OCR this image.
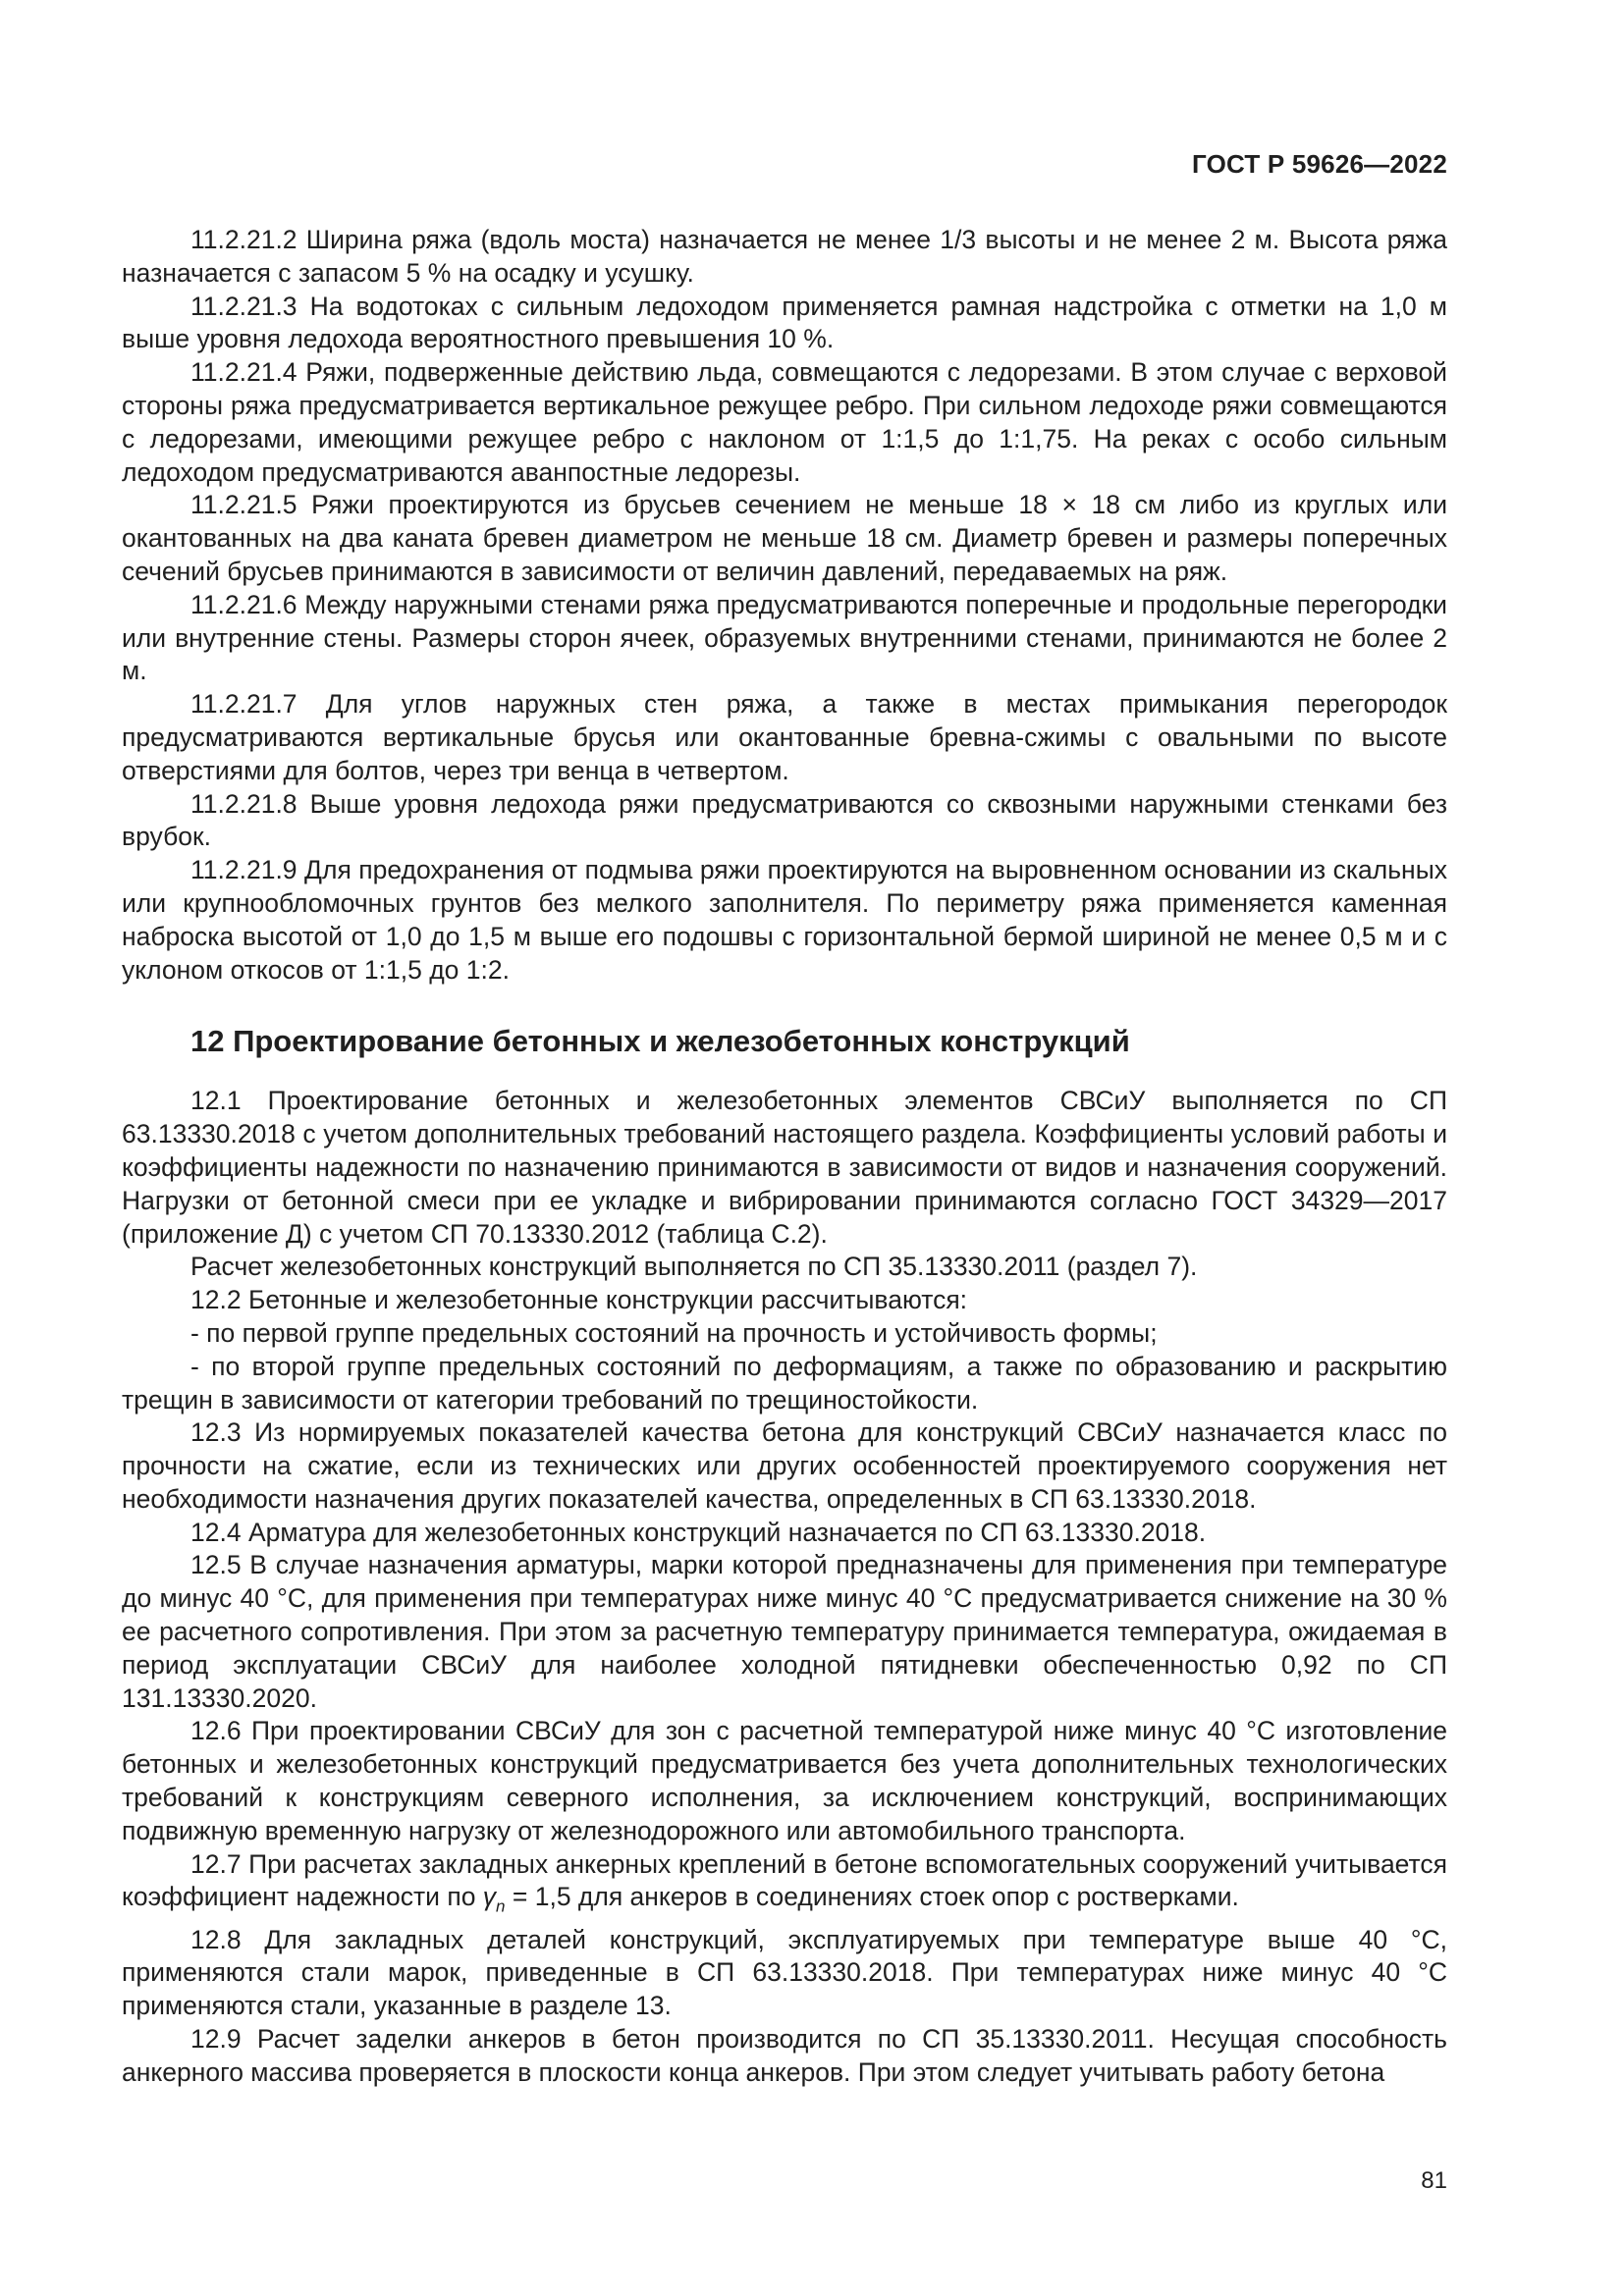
ГОСТ Р 59626—2022

11.2.21.2 Ширина ряжа (вдоль моста) назначается не менее 1/3 высоты и не менее 2 м. Высота ряжа назначается с запасом 5 % на осадку и усушку.

11.2.21.3 На водотоках с сильным ледоходом применяется рамная надстройка с отметки на 1,0 м выше уровня ледохода вероятностного превышения 10 %.

11.2.21.4 Ряжи, подверженные действию льда, совмещаются с ледорезами. В этом случае с верховой стороны ряжа предусматривается вертикальное режущее ребро. При сильном ледоходе ряжи совмещаются с ледорезами, имеющими режущее ребро с наклоном от 1:1,5 до 1:1,75. На реках с особо сильным ледоходом предусматриваются аванпостные ледорезы.

11.2.21.5 Ряжи проектируются из брусьев сечением не меньше 18 × 18 см либо из круглых или окантованных на два каната бревен диаметром не меньше 18 см. Диаметр бревен и размеры поперечных сечений брусьев принимаются в зависимости от величин давлений, передаваемых на ряж.

11.2.21.6 Между наружными стенами ряжа предусматриваются поперечные и продольные перегородки или внутренние стены. Размеры сторон ячеек, образуемых внутренними стенами, принимаются не более 2 м.

11.2.21.7 Для углов наружных стен ряжа, а также в местах примыкания перегородок предусматриваются вертикальные брусья или окантованные бревна-сжимы с овальными по высоте отверстиями для болтов, через три венца в четвертом.

11.2.21.8 Выше уровня ледохода ряжи предусматриваются со сквозными наружными стенками без врубок.

11.2.21.9 Для предохранения от подмыва ряжи проектируются на выровненном основании из скальных или крупнообломочных грунтов без мелкого заполнителя. По периметру ряжа применяется каменная наброска высотой от 1,0 до 1,5 м выше его подошвы с горизонтальной бермой шириной не менее 0,5 м и с уклоном откосов от 1:1,5 до 1:2.

12 Проектирование бетонных и железобетонных конструкций

12.1 Проектирование бетонных и железобетонных элементов СВСиУ выполняется по СП 63.13330.2018 с учетом дополнительных требований настоящего раздела. Коэффициенты условий работы и коэффициенты надежности по назначению принимаются в зависимости от видов и назначения сооружений. Нагрузки от бетонной смеси при ее укладке и вибрировании принимаются согласно ГОСТ 34329—2017 (приложение Д) с учетом СП 70.13330.2012 (таблица С.2).

Расчет железобетонных конструкций выполняется по СП 35.13330.2011 (раздел 7).

12.2 Бетонные и железобетонные конструкции рассчитываются:

- по первой группе предельных состояний на прочность и устойчивость формы;

- по второй группе предельных состояний по деформациям, а также по образованию и раскрытию трещин в зависимости от категории требований по трещиностойкости.

12.3 Из нормируемых показателей качества бетона для конструкций СВСиУ назначается класс по прочности на сжатие, если из технических или других особенностей проектируемого сооружения нет необходимости назначения других показателей качества, определенных в СП 63.13330.2018.

12.4 Арматура для железобетонных конструкций назначается по СП 63.13330.2018.

12.5 В случае назначения арматуры, марки которой предназначены для применения при температуре до минус 40 °С, для применения при температурах ниже минус 40 °С предусматривается снижение на 30 % ее расчетного сопротивления. При этом за расчетную температуру принимается температура, ожидаемая в период эксплуатации СВСиУ для наиболее холодной пятидневки обеспеченностью 0,92 по СП 131.13330.2020.

12.6 При проектировании СВСиУ для зон с расчетной температурой ниже минус 40 °С изготовление бетонных и железобетонных конструкций предусматривается без учета дополнительных технологических требований к конструкциям северного исполнения, за исключением конструкций, воспринимающих подвижную временную нагрузку от железнодорожного или автомобильного транспорта.

12.7 При расчетах закладных анкерных креплений в бетоне вспомогательных сооружений учитывается коэффициент надежности по $\gamma_n = 1,5$ для анкеров в соединениях стоек опор с ростверками.

12.8 Для закладных деталей конструкций, эксплуатируемых при температуре выше 40 °С, применяются стали марок, приведенные в СП 63.13330.2018. При температурах ниже минус 40 °С применяются стали, указанные в разделе 13.

12.9 Расчет заделки анкеров в бетон производится по СП 35.13330.2011. Несущая способность анкерного массива проверяется в плоскости конца анкеров. При этом следует учитывать работу бетона

81
